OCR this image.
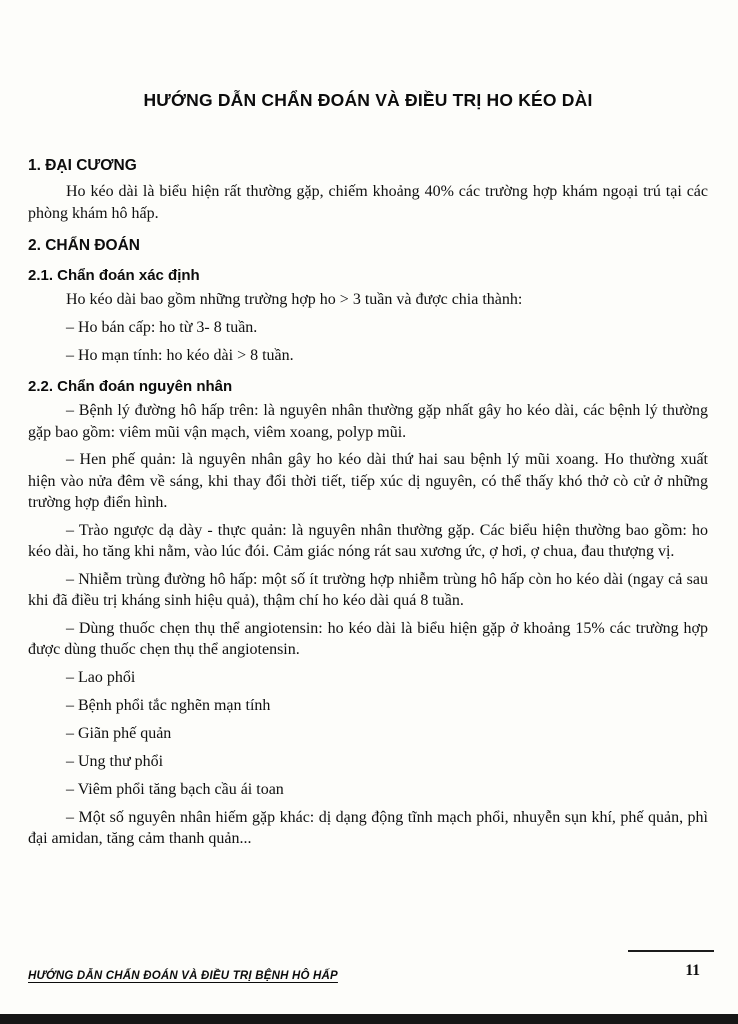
HƯỚNG DẪN CHẨN ĐOÁN VÀ ĐIỀU TRỊ HO KÉO DÀI
1. ĐẠI CƯƠNG

Ho kéo dài là biểu hiện rất thường gặp, chiếm khoảng 40% các trường hợp khám ngoại trú tại các phòng khám hô hấp.

2. CHẨN ĐOÁN
2.1. Chẩn đoán xác định

Ho kéo dài bao gồm những trường hợp ho > 3 tuần và được chia thành:

– Ho bán cấp: ho từ 3- 8 tuần.

– Ho mạn tính: ho kéo dài > 8 tuần.

2.2. Chẩn đoán nguyên nhân

– Bệnh lý đường hô hấp trên: là nguyên nhân thường gặp nhất gây ho kéo dài, các bệnh lý thường gặp bao gồm: viêm mũi vận mạch, viêm xoang, polyp mũi.

– Hen phế quản: là nguyên nhân gây ho kéo dài thứ hai sau bệnh lý mũi xoang. Ho thường xuất hiện vào nửa đêm về sáng, khi thay đổi thời tiết, tiếp xúc dị nguyên, có thể thấy khó thở cò cử ở những trường hợp điển hình.

– Trào ngược dạ dày - thực quản: là nguyên nhân thường gặp. Các biểu hiện thường bao gồm: ho kéo dài, ho tăng khi nằm, vào lúc đói. Cảm giác nóng rát sau xương ức, ợ hơi, ợ chua, đau thượng vị.

– Nhiễm trùng đường hô hấp: một số ít trường hợp nhiễm trùng hô hấp còn ho kéo dài (ngay cả sau khi đã điều trị kháng sinh hiệu quả), thậm chí ho kéo dài quá 8 tuần.

– Dùng thuốc chẹn thụ thể angiotensin: ho kéo dài là biểu hiện gặp ở khoảng 15% các trường hợp được dùng thuốc chẹn thụ thể angiotensin.

– Lao phổi

– Bệnh phổi tắc nghẽn mạn tính

– Giãn phế quản

– Ung thư phổi

– Viêm phổi tăng bạch cầu ái toan

– Một số nguyên nhân hiếm gặp khác: dị dạng động tĩnh mạch phổi, nhuyễn sụn khí, phế quản, phì đại amidan, tăng cảm thanh quản...

11
HƯỚNG DẪN CHẨN ĐOÁN VÀ ĐIỀU TRỊ BỆNH HÔ HẤP
